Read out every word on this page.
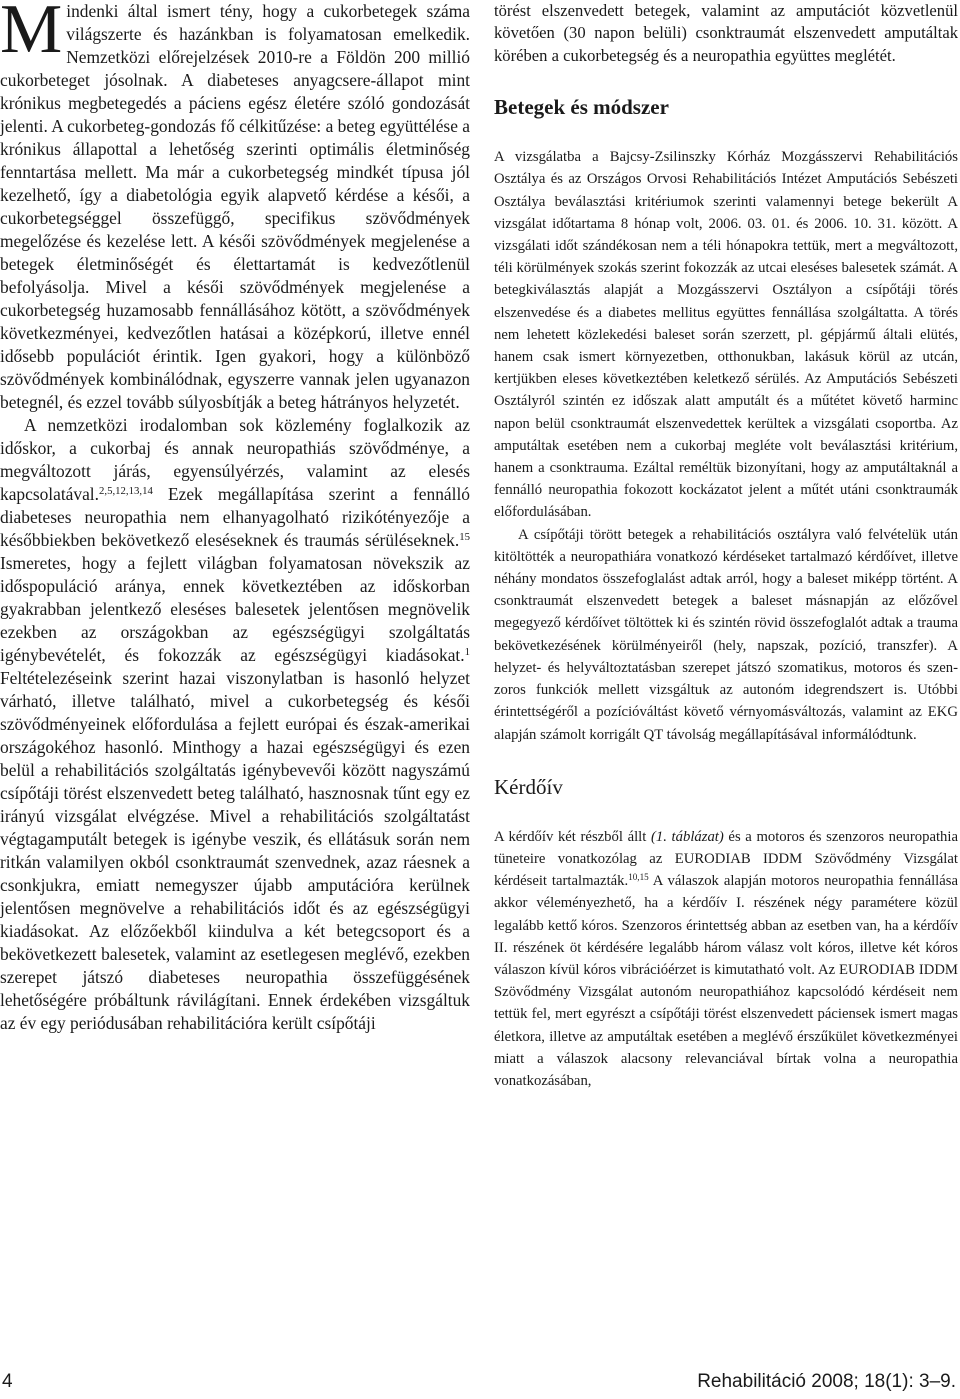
Mindenki által ismert tény, hogy a cukorbetegek száma világszerte és hazánkban is folyamatosan emelkedik. Nemzetközi előrejelzések 2010-re a Földön 200 millió cukorbeteget jósolnak. A diabeteses anyagcsere-állapot mint krónikus megbetegedés a páciens egész életére szóló gondozását jelenti. A cukorbeteg-gondozás fő célkitűzése: a beteg együttélése a krónikus állapottal a lehetőség szerinti optimális életminőség fenntartása mellett. Ma már a cukorbetegség mindkét típusa jól kezelhető, így a diabetológia egyik alapvető kérdése a késői, a cukorbetegséggel összefüggő, specifikus szövődmények megelőzése és kezelése lett. A késői szövődmények megjelenése a betegek életminőségét és élettartamát is kedvezőtlenül befolyásolja. Mivel a késői szövődmények megjelenése a cukorbetegség huzamosabb fennállásához kötött, a szövődmények következményei, kedvezőtlen hatásai a középkorú, illetve ennél idősebb populációt érintik. Igen gyakori, hogy a különböző szövődmények kombinálódnak, egyszerre vannak jelen ugyanazon betegnél, és ezzel tovább súlyosbítják a beteg hátrányos helyzetét.

A nemzetközi irodalomban sok közlemény foglalkozik az időskor, a cukorbaj és annak neuropathiás szövődménye, a megváltozott járás, egyensúlyérzés, valamint az elesés kapcsolatával.$^{2,5,12,13,14}$ Ezek megállapítása szerint a fennálló diabeteses neuropathia nem elhanyagolható rizikótényezője a későbbiekben bekövetkező eleséseknek és traumás sérüléseknek.$^{15}$ Ismeretes, hogy a fejlett világban folyamatosan növekszik az időspopuláció aránya, ennek következtében az időskorban gyakrabban jelentkező eleséses balesetek jelentősen megnövelik ezekben az országokban az egészségügyi szolgáltatás igénybevételét, és fokozzák az egészségügyi kiadásokat.$^1$ Feltételezéseink szerint hazai viszonylatban is hasonló helyzet várható, illetve található, mivel a cukorbetegség és késői szövődményeinek előfordulása a fejlett európai és észak-amerikai országokéhoz hasonló. Minthogy a hazai egészségügyi és ezen belül a rehabilitációs szolgáltatás igénybevevői között nagyszámú csípőtáji törést elszenvedett beteg található, hasznosnak tűnt egy ez irányú vizsgálat elvégzése. Mivel a rehabilitációs szolgáltatást végtagamputált betegek is igénybe veszik, és ellátásuk során nem ritkán valamilyen okból csonktraumát szenvednek, azaz ráesnek a csonkjukra, emiatt nemegyszer újabb amputációra kerülnek jelentősen megnövelve a rehabilitációs időt és az egészségügyi kiadásokat. Az előzőekből kiindulva a két betegcsoport és a bekövetkezett balesetek, valamint az esetlegesen meglévő, ezekben szerepet játszó diabeteses neuropathia összefüggésének lehetőségére próbáltunk rávilágítani. Ennek érdekében vizsgáltuk az év egy periódusában rehabilitációra került csípőtáji

törést elszenvedett betegek, valamint az amputációt közvetlenül követően (30 napon belüli) csonktraumát elszenvedett amputáltak körében a cukorbetegség és a neuropathia együttes meglétét.

Betegek és módszer

A vizsgálatba a Bajcsy-Zsilinszky Kórház Mozgásszervi Rehabilitációs Osztálya és az Országos Orvosi Rehabilitációs Intézet Amputációs Sebészeti Osztálya beválasztási kritériumok szerinti valamennyi betege bekerült A vizsgálat időtartama 8 hónap volt, 2006. 03. 01. és 2006. 10. 31. között. A vizsgálati időt szándékosan nem a téli hónapokra tettük, mert a megváltozott, téli körülmények szokás szerint fokozzák az utcai eleséses balesetek számát. A betegkiválasztás alapját a Mozgásszervi Osztályon a csípőtáji törés elszenvedése és a diabetes mellitus együttes fennállása szolgáltatta. A törés nem lehetett közlekedési baleset során szerzett, pl. gépjármű általi elütés, hanem csak ismert környezetben, otthonukban, lakásuk körül az utcán, kertjükben eleses következtében keletkező sérülés. Az Amputációs Sebészeti Osztályról szintén ez időszak alatt amputált és a műtétet követő harminc napon belül csonktraumát elszenvedettek kerültek a vizsgálati csoportba. Az amputáltak esetében nem a cukorbaj megléte volt beválasztási kritérium, hanem a csonktrauma. Ezáltal reméltük bizonyítani, hogy az amputáltaknál a fennálló neuropathia fokozott kockázatot jelent a műtét utáni csonktraumák előfordulásában.

A csípőtáji törött betegek a rehabilitációs osztályra való felvételük után kitöltötték a neuropathiára vonatkozó kérdéseket tartalmazó kérdőívet, illetve néhány mondatos összefoglalást adtak arról, hogy a baleset miképp történt. A csonktraumát elszenvedett betegek a baleset másnapján az előzővel megegyező kérdőívet töltöttek ki és szintén rövid összefoglalót adtak a trauma bekövetkezésének körülményeiről (hely, napszak, pozíció, transzfer). A helyzet- és helyváltoztatásban szerepet játszó szomatikus, motoros és szenzoros funkciók mellett vizsgáltuk az autonóm idegrendszert is. Utóbbi érintettségéről a pozícióváltást követő vérnyomásváltozás, valamint az EKG alapján számolt korrigált QT távolság megállapításával informálódtunk.

Kérdőív

A kérdőív két részből állt (1. táblázat) és a motoros és szenzoros neuropathia tüneteire vonatkozólag az EURODIAB IDDM Szövődmény Vizsgálat kérdéseit tartalmazták.$^{10,15}$ A válaszok alapján motoros neuropathia fennállása akkor véleményezhető, ha a kérdőív I. részének négy paramétere közül legalább kettő kóros. Szenzoros érintettség abban az esetben van, ha a kérdőív II. részének öt kérdésére legalább három válasz volt kóros, illetve két kóros válaszon kívül kóros vibrációérzet is kimutatható volt. Az EURODIAB IDDM Szövődmény Vizsgálat autonóm neuropathiához kapcsolódó kérdéseit nem tettük fel, mert egyrészt a csípőtáji törést elszenvedett páciensek ismert magas életkora, illetve az amputáltak esetében a meglévő érszűkület következményei miatt a válaszok alacsony relevanciával bírtak volna a neuropathia vonatkozásában,

4	Rehabilitáció 2008; 18(1): 3–9.
